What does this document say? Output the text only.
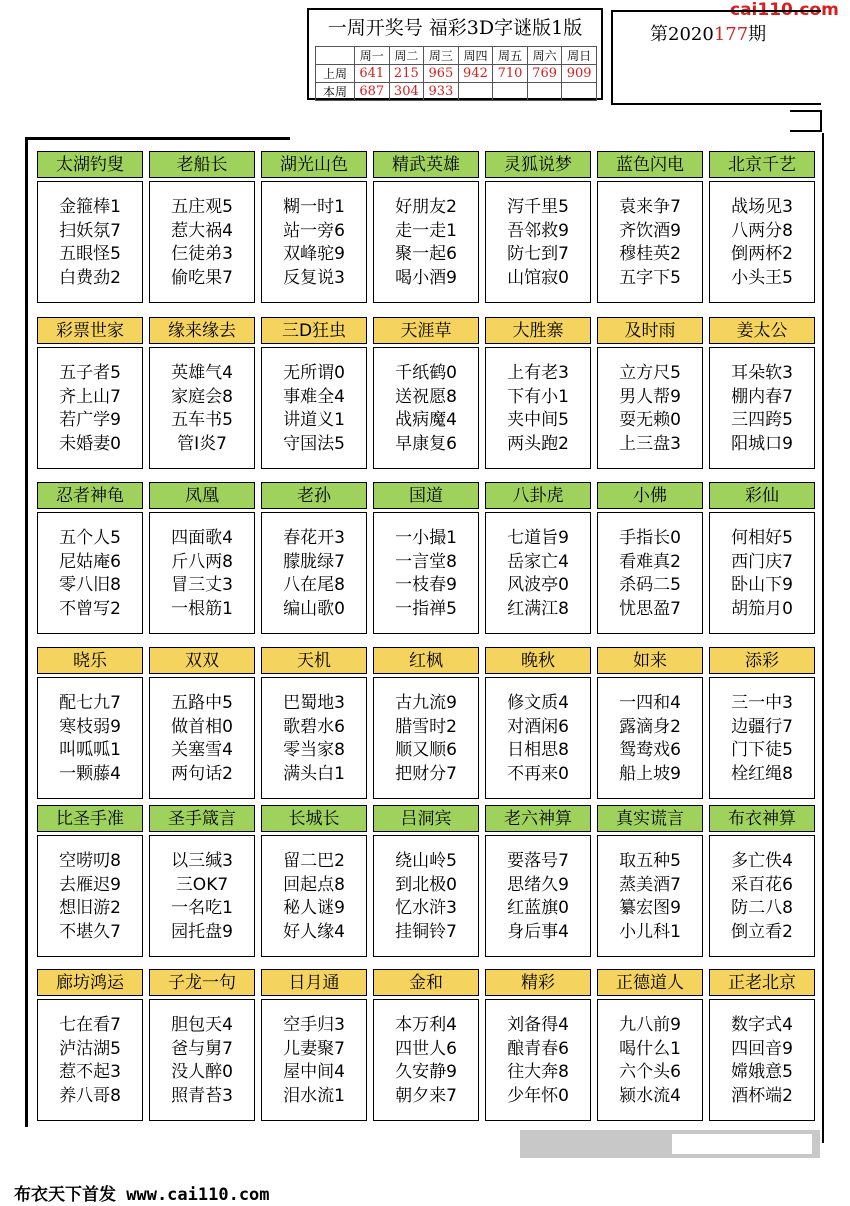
cai110.com
一周开奖号 福彩3D字谜版1版
	周一	周二	周三	周四	周五	周六	周日
上周	641	215	965	942	710	769	909
本周	687	304	933				
第2020177期
太湖钓叟
金箍棒1
扫妖氛7
五眼怪5
白费劲2
老船长
五庄观5
惹大祸4
仨徒弟3
偷吃果7
湖光山色
糊一时1
站一旁6
双峰驼9
反复说3
精武英雄
好朋友2
走一走1
聚一起6
喝小酒9
灵狐说梦
泻千里5
吾邻救9
防七到7
山馆寂0
蓝色闪电
袁来争7
齐饮酒9
穆桂英2
五字下5
北京千艺
战场见3
八两分8
倒两杯2
小头王5
彩票世家
五子者5
齐上山7
若广学9
未婚妻0
缘来缘去
英雄气4
家庭会8
五车书5
管I炎7
三D狂虫
无所谓0
事难全4
讲道义1
守国法5
天涯草
千纸鹤0
送祝愿8
战病魔4
早康复6
大胜寨
上有老3
下有小1
夹中间5
两头跑2
及时雨
立方尺5
男人帮9
耍无赖0
上三盘3
姜太公
耳朵软3
棚内春7
三四跨5
阳城口9
忍者神龟
五个人5
尼姑庵6
零八旧8
不曾写2
凤凰
四面歌4
斤八两8
冒三丈3
一根筋1
老孙
春花开3
朦胧绿7
八在尾8
编山歌0
国道
一小撮1
一言堂8
一枝春9
一指禅5
八卦虎
七道旨9
岳家亡4
风波亭0
红满江8
小佛
手指长0
看难真2
杀码二5
忧思盈7
彩仙
何相好5
西门庆7
卧山下9
胡笳月0
晓乐
配七九7
寒枝弱9
叫呱呱1
一颗藤4
双双
五路中5
做首相0
关塞雪4
两句话2
天机
巴蜀地3
歌碧水6
零当家8
满头白1
红枫
古九流9
腊雪时2
顺又顺6
把财分7
晚秋
修文质4
对酒闲6
日相思8
不再来0
如来
一四和4
露滴身2
鸳鸯戏6
船上坡9
添彩
三一中3
边疆行7
门下徒5
栓红绳8
比圣手准
空唠叨8
去雁迟9
想旧游2
不堪久7
圣手箴言
以三缄3
三OK7
一名吃1
园托盘9
长城长
留二巴2
回起点8
秘人谜9
好人缘4
吕洞宾
绕山岭5
到北极0
忆水浒3
挂铜铃7
老六神算
要落号7
思绪久9
红蓝旗0
身后事4
真实谎言
取五种5
蒸美酒7
纂宏图9
小儿科1
布衣神算
多亡佚4
采百花6
防二八8
倒立看2
廊坊鸿运
七在看7
泸沽湖5
惹不起3
养八哥8
子龙一句
胆包天4
爸与舅7
没人醉0
照青苔3
日月通
空手归3
儿妻聚7
屋中间4
泪水流1
金和
本万利4
四世人6
久安静9
朝夕来7
精彩
刘备得4
酿青春6
往大奔8
少年怀0
正德道人
九八前9
喝什么1
六个头6
颍水流4
正老北京
数字式4
四回音9
嫦娥意5
酒杯端2
布衣天下首发 www.cai110.com
